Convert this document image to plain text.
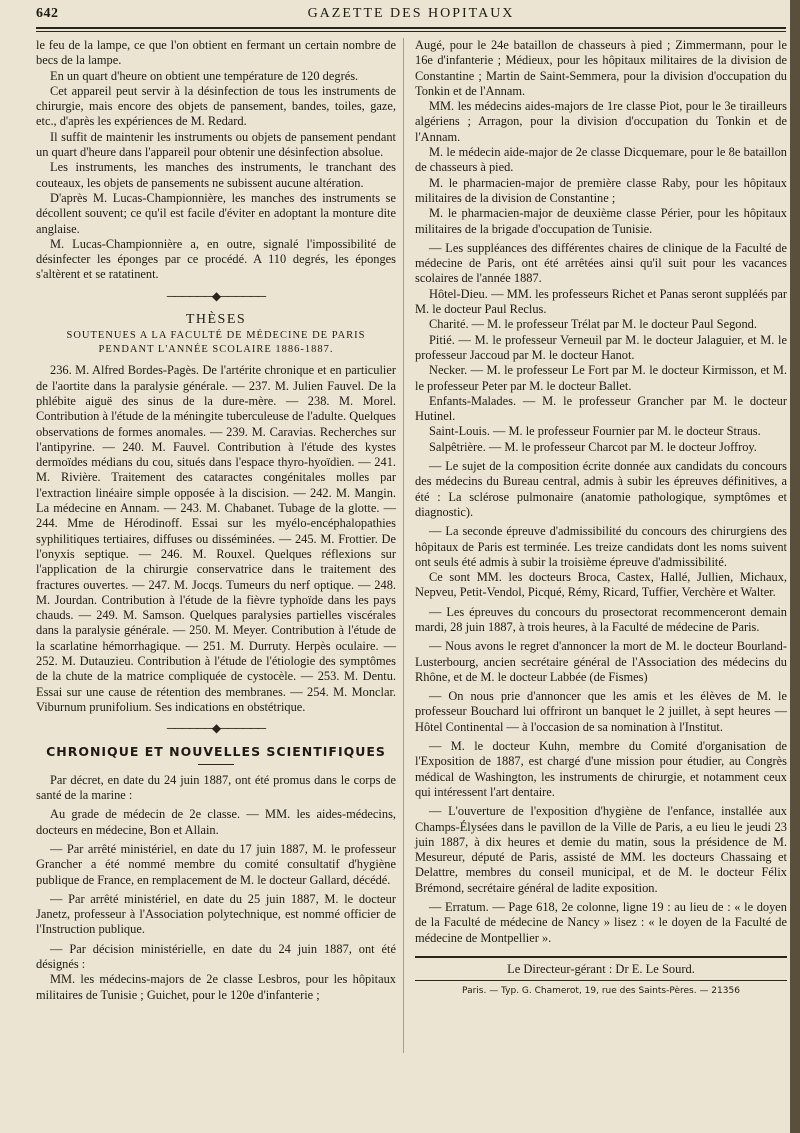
642	GAZETTE DES HOPITAUX

le feu de la lampe, ce que l'on obtient en fermant un certain nombre de becs de la lampe.

En un quart d'heure on obtient une température de 120 degrés.

Cet appareil peut servir à la désinfection de tous les instruments de chirurgie, mais encore des objets de pansement, bandes, toiles, gaze, etc., d'après les expériences de M. Redard.

Il suffit de maintenir les instruments ou objets de pansement pendant un quart d'heure dans l'appareil pour obtenir une désinfection absolue.

Les instruments, les manches des instruments, le tranchant des couteaux, les objets de pansements ne subissent aucune altération.

D'après M. Lucas-Championnière, les manches des instruments se décollent souvent; ce qu'il est facile d'éviter en adoptant la monture dite anglaise.

M. Lucas-Championnière a, en outre, signalé l'impossibilité de désinfecter les éponges par ce procédé. A 110 degrés, les éponges s'altèrent et se ratatinent.

──────◆──────
THÈSES
SOUTENUES A LA FACULTÉ DE MÉDECINE DE PARIS
PENDANT L'ANNÉE SCOLAIRE 1886-1887.

236. M. Alfred Bordes-Pagès. De l'artérite chronique et en particulier de l'aortite dans la paralysie générale. — 237. M. Julien Fauvel. De la phlébite aiguë des sinus de la dure-mère. — 238. M. Morel. Contribution à l'étude de la méningite tuberculeuse de l'adulte. Quelques observations de formes anomales. — 239. M. Caravias. Recherches sur l'antipyrine. — 240. M. Fauvel. Contribution à l'étude des kystes dermoïdes médians du cou, situés dans l'espace thyro-hyoïdien. — 241. M. Rivière. Traitement des cataractes congénitales molles par l'extraction linéaire simple opposée à la discision. — 242. M. Mangin. La médecine en Annam. — 243. M. Chabanet. Tubage de la glotte. — 244. Mme de Hérodinoff. Essai sur les myélo-encéphalopathies syphilitiques tertiaires, diffuses ou disséminées. — 245. M. Frottier. De l'onyxis septique. — 246. M. Rouxel. Quelques réflexions sur l'application de la chirurgie conservatrice dans le traitement des fractures ouvertes. — 247. M. Jocqs. Tumeurs du nerf optique. — 248. M. Jourdan. Contribution à l'étude de la fièvre typhoïde dans les pays chauds. — 249. M. Samson. Quelques paralysies partielles viscérales dans la paralysie générale. — 250. M. Meyer. Contribution à l'étude de la scarlatine hémorrhagique. — 251. M. Durruty. Herpès oculaire. — 252. M. Dutauzieu. Contribution à l'étude de l'étiologie des symptômes de la chute de la matrice compliquée de cystocèle. — 253. M. Dentu. Essai sur une cause de rétention des membranes. — 254. M. Monclar. Viburnum prunifolium. Ses indications en obstétrique.

──────◆──────
CHRONIQUE ET NOUVELLES SCIENTIFIQUES

Par décret, en date du 24 juin 1887, ont été promus dans le corps de santé de la marine :

Au grade de médecin de 2e classe. — MM. les aides-médecins, docteurs en médecine, Bon et Allain.

— Par arrêté ministériel, en date du 17 juin 1887, M. le professeur Grancher a été nommé membre du comité consultatif d'hygiène publique de France, en remplacement de M. le docteur Gallard, décédé.

— Par arrêté ministériel, en date du 25 juin 1887, M. le docteur Janetz, professeur à l'Association polytechnique, est nommé officier de l'Instruction publique.

— Par décision ministérielle, en date du 24 juin 1887, ont été désignés :

MM. les médecins-majors de 2e classe Lesbros, pour les hôpitaux militaires de Tunisie ; Guichet, pour le 120e d'infanterie ;

Augé, pour le 24e bataillon de chasseurs à pied ; Zimmermann, pour le 16e d'infanterie ; Médieux, pour les hôpitaux militaires de la division de Constantine ; Martin de Saint-Semmera, pour la division d'occupation du Tonkin et de l'Annam.

MM. les médecins aides-majors de 1re classe Piot, pour le 3e tirailleurs algériens ; Arragon, pour la division d'occupation du Tonkin et de l'Annam.

M. le médecin aide-major de 2e classe Dicquemare, pour le 8e bataillon de chasseurs à pied.

M. le pharmacien-major de première classe Raby, pour les hôpitaux militaires de la division de Constantine ;

M. le pharmacien-major de deuxième classe Périer, pour les hôpitaux militaires de la brigade d'occupation de Tunisie.

— Les suppléances des différentes chaires de clinique de la Faculté de médecine de Paris, ont été arrêtées ainsi qu'il suit pour les vacances scolaires de l'année 1887.

Hôtel-Dieu. — MM. les professeurs Richet et Panas seront suppléés par M. le docteur Paul Reclus.

Charité. — M. le professeur Trélat par M. le docteur Paul Segond.

Pitié. — M. le professeur Verneuil par M. le docteur Jalaguier, et M. le professeur Jaccoud par M. le docteur Hanot.

Necker. — M. le professeur Le Fort par M. le docteur Kirmisson, et M. le professeur Peter par M. le docteur Ballet.

Enfants-Malades. — M. le professeur Grancher par M. le docteur Hutinel.

Saint-Louis. — M. le professeur Fournier par M. le docteur Straus.

Salpêtrière. — M. le professeur Charcot par M. le docteur Joffroy.

— Le sujet de la composition écrite donnée aux candidats du concours des médecins du Bureau central, admis à subir les épreuves définitives, a été : La sclérose pulmonaire (anatomie pathologique, symptômes et diagnostic).

— La seconde épreuve d'admissibilité du concours des chirurgiens des hôpitaux de Paris est terminée. Les treize candidats dont les noms suivent ont seuls été admis à subir la troisième épreuve d'admissibilité.

Ce sont MM. les docteurs Broca, Castex, Hallé, Jullien, Michaux, Nepveu, Petit-Vendol, Picqué, Rémy, Ricard, Tuffier, Verchère et Walter.

— Les épreuves du concours du prosectorat recommenceront demain mardi, 28 juin 1887, à trois heures, à la Faculté de médecine de Paris.

— Nous avons le regret d'annoncer la mort de M. le docteur Bourland-Lusterbourg, ancien secrétaire général de l'Association des médecins du Rhône, et de M. le docteur Labbée (de Fismes)

— On nous prie d'annoncer que les amis et les élèves de M. le professeur Bouchard lui offriront un banquet le 2 juillet, à sept heures — Hôtel Continental — à l'occasion de sa nomination à l'Institut.

— M. le docteur Kuhn, membre du Comité d'organisation de l'Exposition de 1887, est chargé d'une mission pour étudier, au Congrès médical de Washington, les instruments de chirurgie, et notamment ceux qui intéressent l'art dentaire.

— L'ouverture de l'exposition d'hygiène de l'enfance, installée aux Champs-Élysées dans le pavillon de la Ville de Paris, a eu lieu le jeudi 23 juin 1887, à dix heures et demie du matin, sous la présidence de M. Mesureur, député de Paris, assisté de MM. les docteurs Chassaing et Delattre, membres du conseil municipal, et de M. le docteur Félix Brémond, secrétaire général de ladite exposition.

— Erratum. — Page 618, 2e colonne, ligne 19 : au lieu de : « le doyen de la Faculté de médecine de Nancy » lisez : « le doyen de la Faculté de médecine de Montpellier ».

Le Directeur-gérant : Dr E. Le Sourd.
Paris. — Typ. G. Chamerot, 19, rue des Saints-Pères. — 21356
